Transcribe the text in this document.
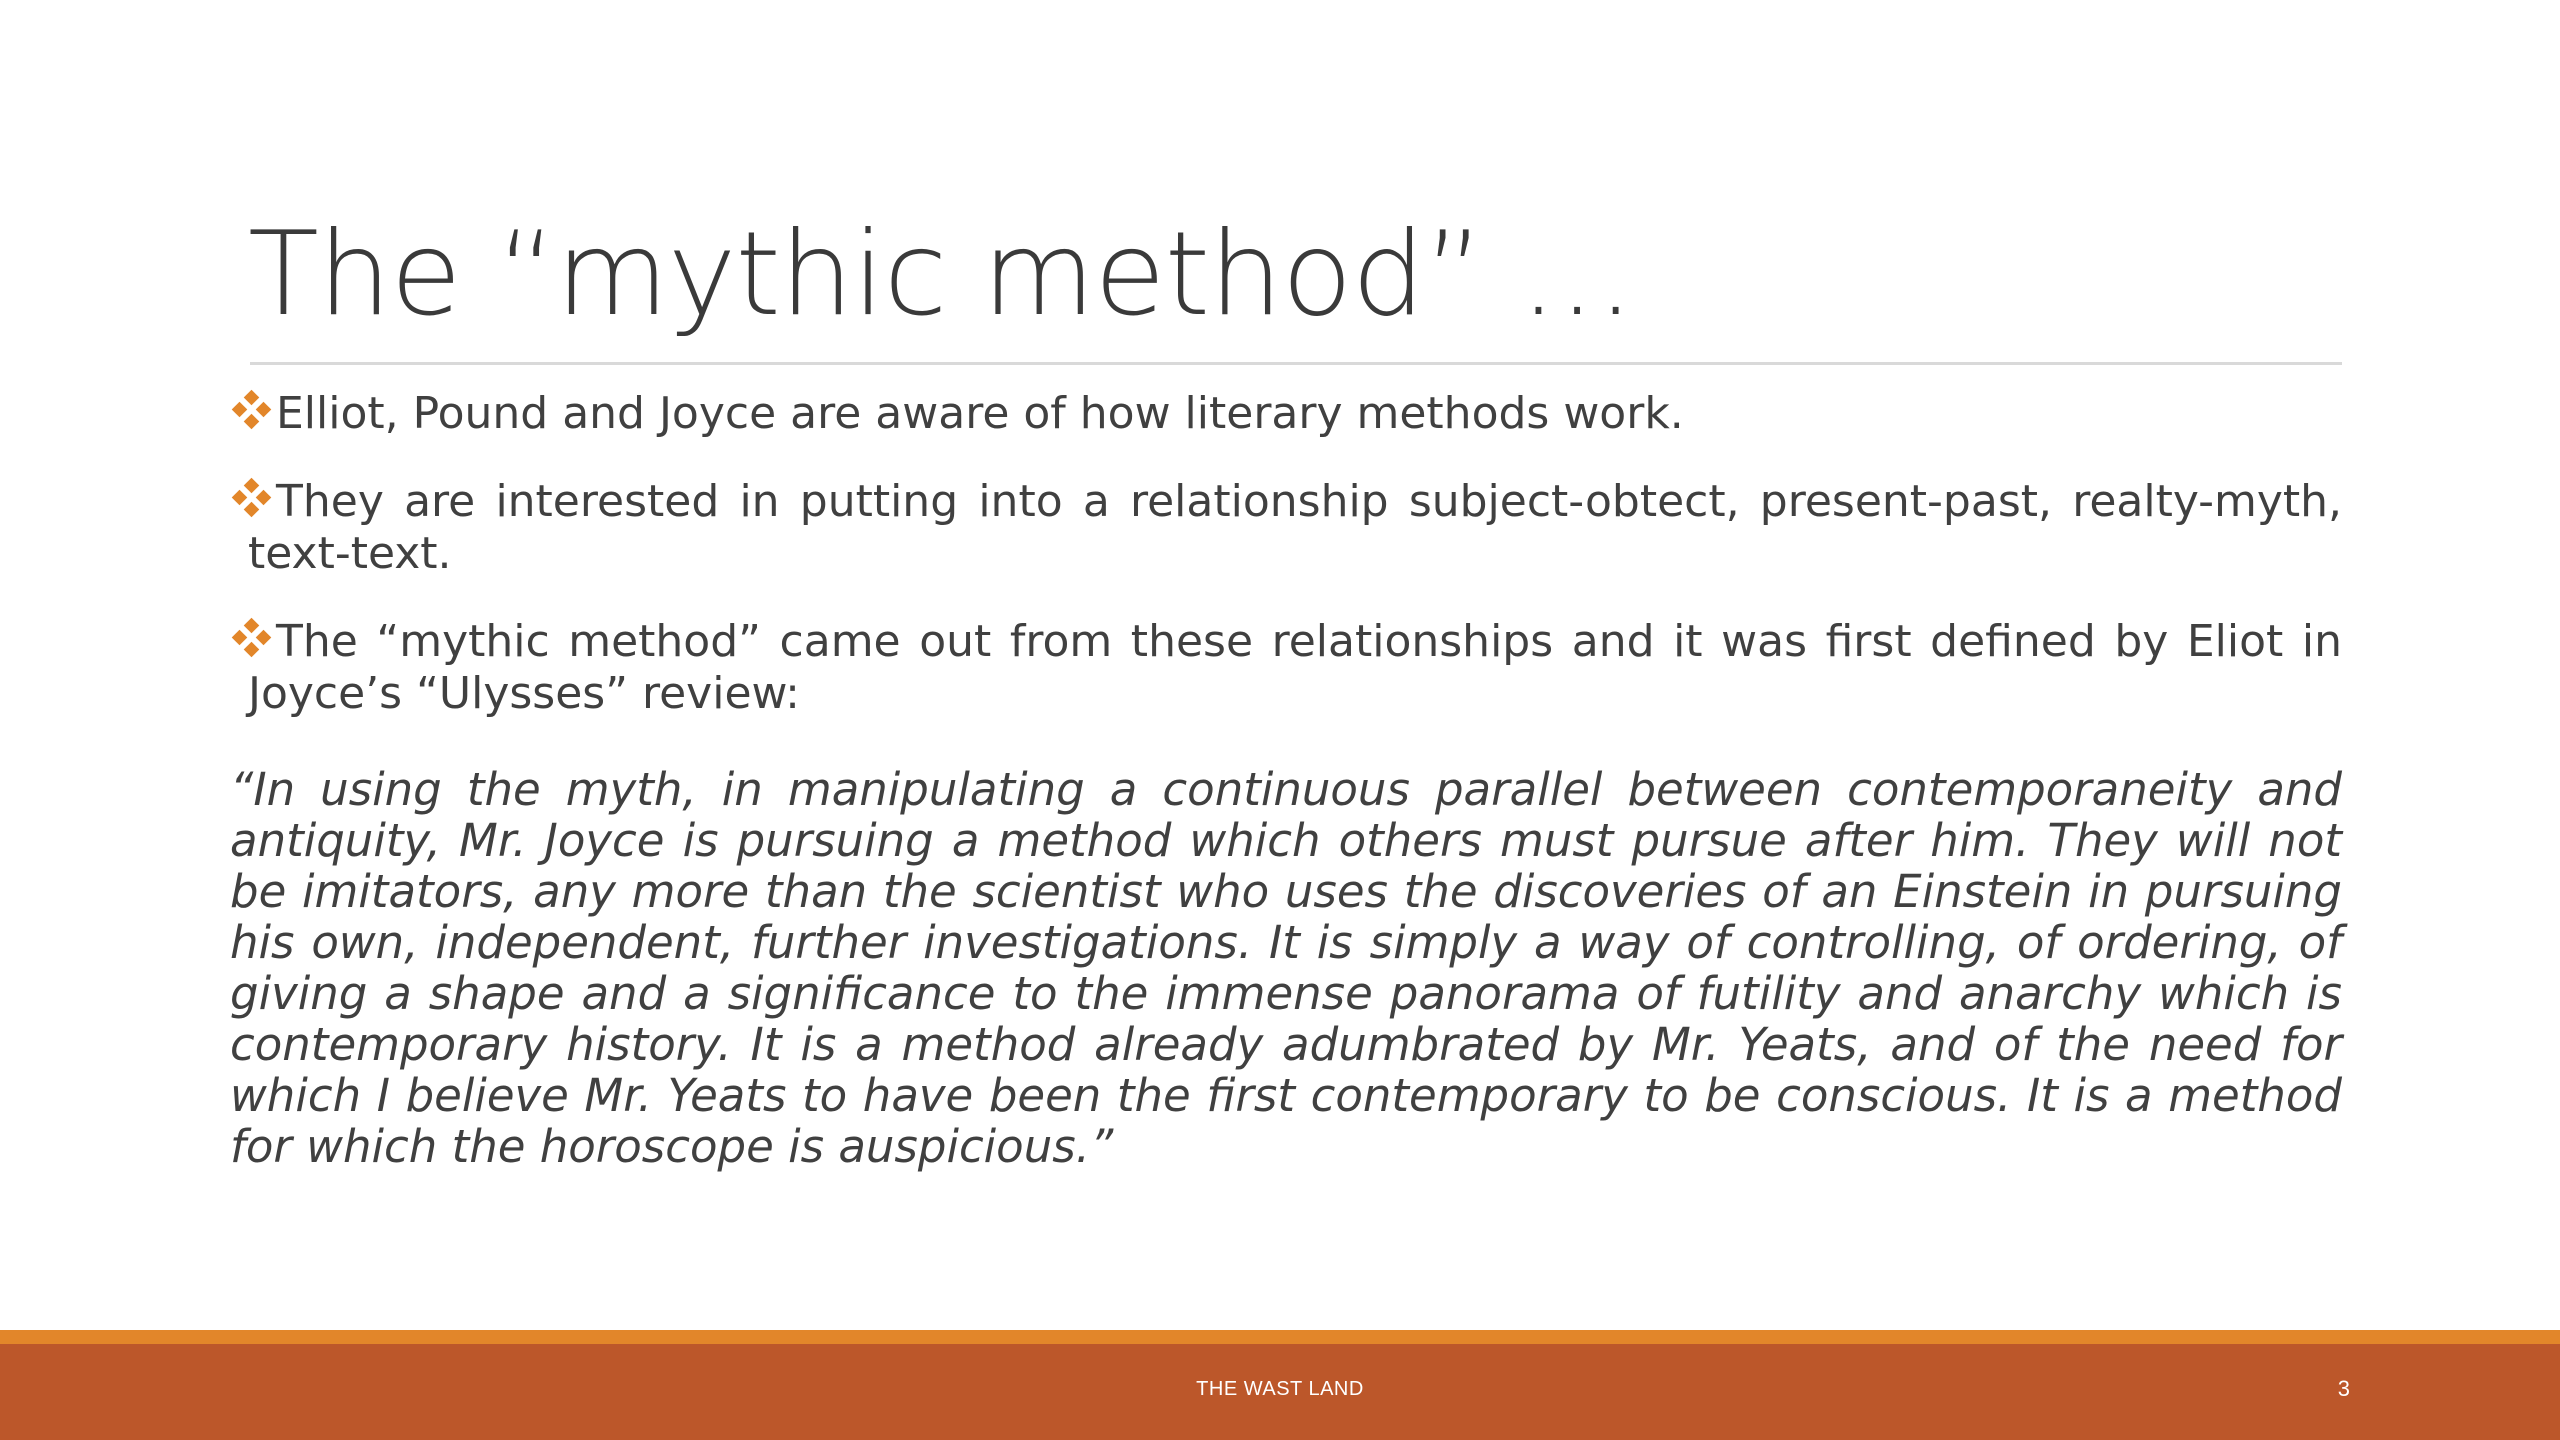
The “mythic method” …

Elliot, Pound and Joyce are aware of how literary methods work.

They are interested in putting into a relationship subject-obtect, present-past, realty-myth, text-text.

The “mythic method” came out from these relationships and it was first defined by Eliot in Joyce’s “Ulysses” review:

“In using the myth, in manipulating a continuous parallel between contemporaneity and antiquity, Mr. Joyce is pursuing a method which others must pursue after him. They will not be imitators, any more than the scientist who uses the discoveries of an Einstein in pursuing his own, independent, further investigations. It is simply a way of controlling, of ordering, of giving a shape and a significance to the immense panorama of futility and anarchy which is contemporary history. It is a method already adumbrated by Mr. Yeats, and of the need for which I believe Mr. Yeats to have been the first contemporary to be conscious. It is a method for which the horoscope is auspicious.”

THE WAST LAND	3
